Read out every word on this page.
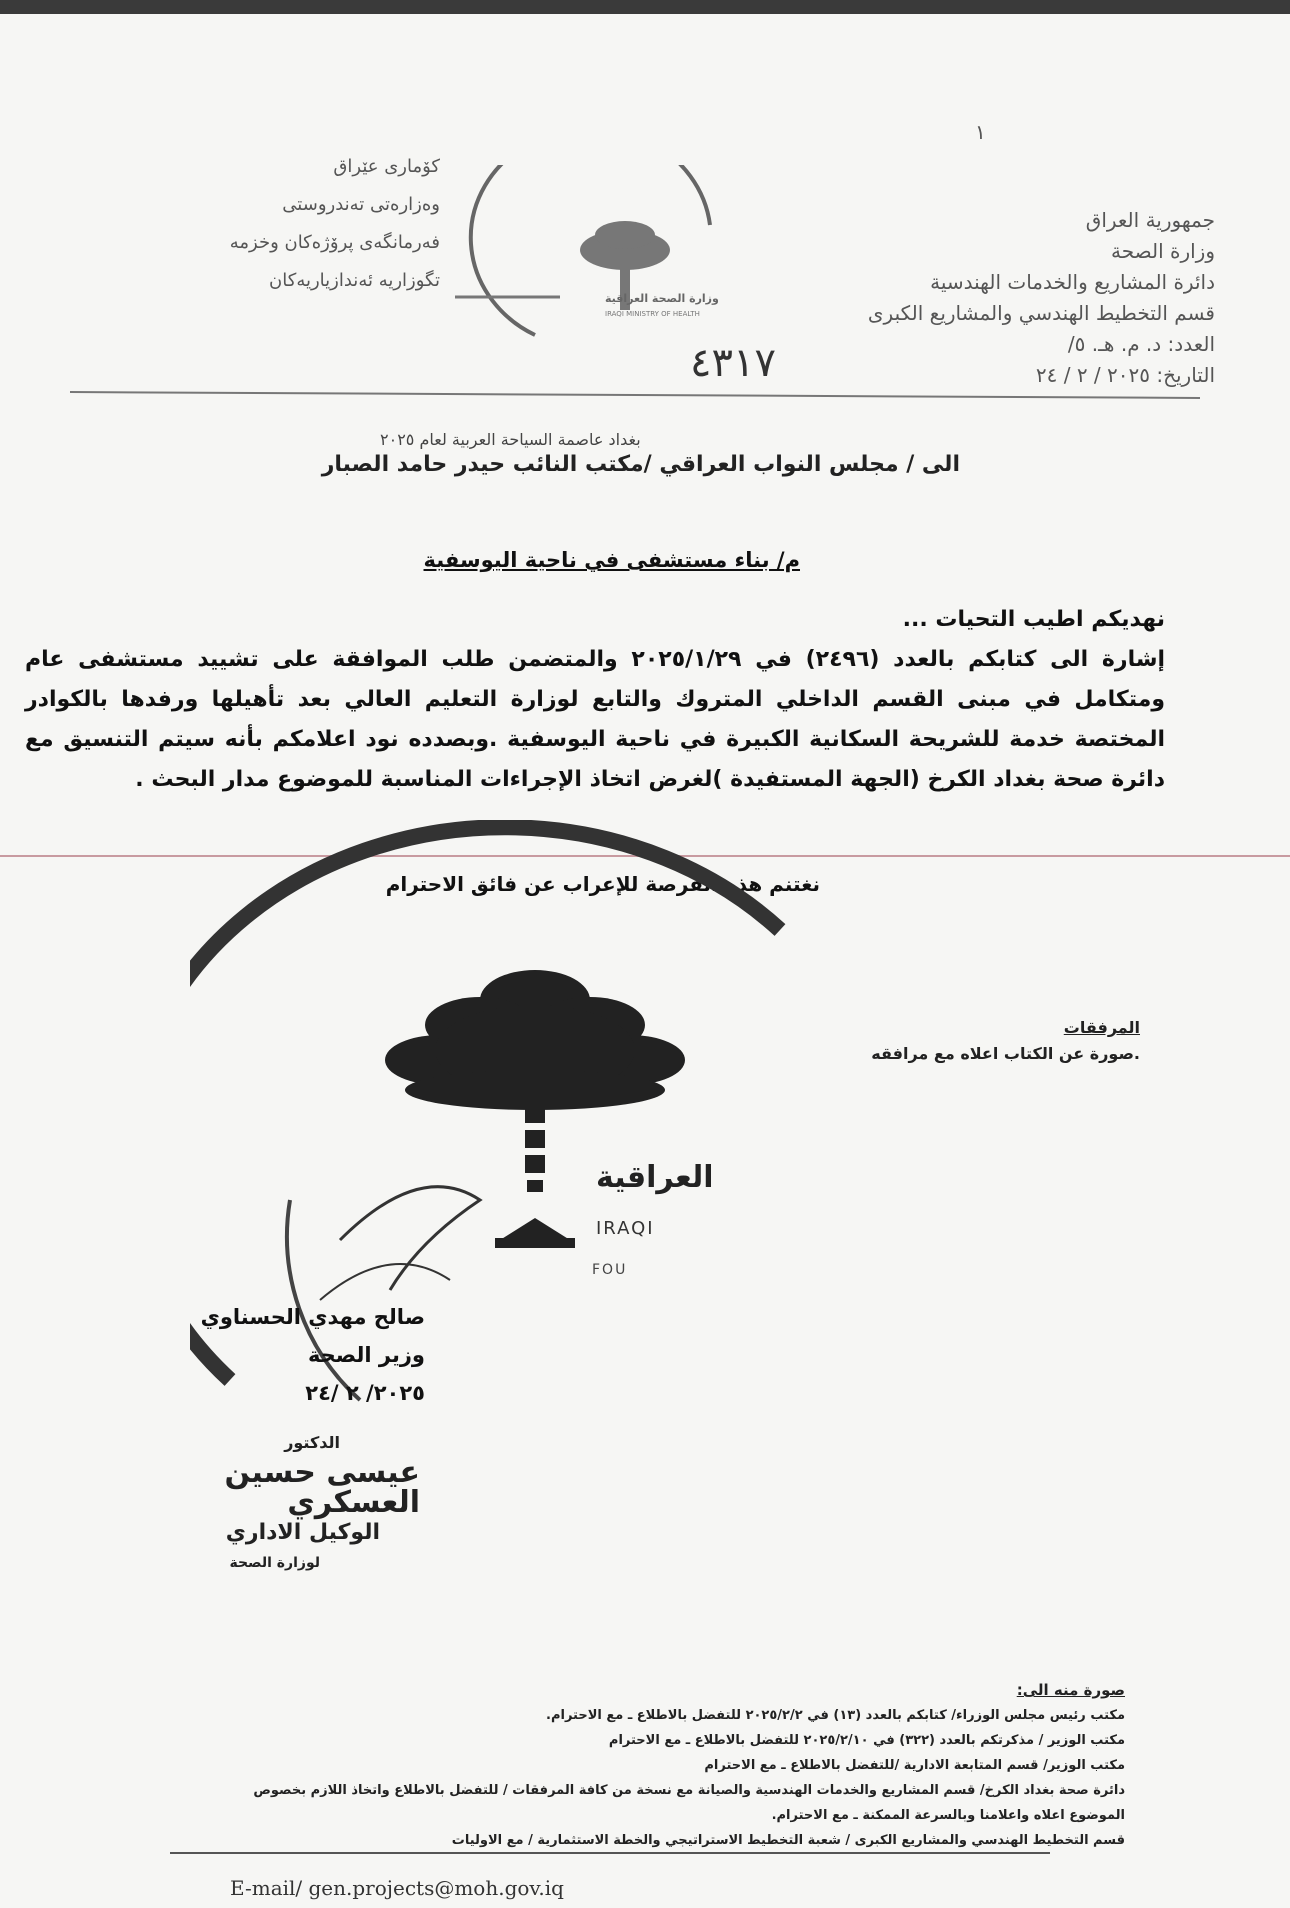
وزارة الصحة العراقية
IRAQI MINISTRY OF HEALTH
١
جمهورية العراق
وزارة الصحة
دائرة المشاريع والخدمات الهندسية
قسم التخطيط الهندسي والمشاريع الكبرى
العدد: د. م. هـ. ٥/
التاريخ: ٢٠٢٥ / ٢ / ٢٤
كۆماری عێراق
وەزارەتی تەندروستی
فەرمانگەی پرۆژەکان وخزمە
تگوزاریە ئەندازیاریەکان
٤٣١٧
بغداد عاصمة السياحة العربية لعام ٢٠٢٥
الى / مجلس النواب العراقي /مكتب النائب حيدر حامد الصبار
م/ بناء مستشفى في ناحية اليوسفية

نهديكم اطيب التحيات ...

إشارة الى كتابكم بالعدد (٢٤٩٦) في ٢٠٢٥/١/٢٩ والمتضمن طلب الموافقة على تشييد مستشفى عام ومتكامل في مبنى القسم الداخلي المتروك والتابع لوزارة التعليم العالي بعد تأهيلها ورفدها بالكوادر المختصة خدمة للشريحة السكانية الكبيرة في ناحية اليوسفية .وبصدده نود اعلامكم بأنه سيتم التنسيق مع دائرة صحة بغداد الكرخ (الجهة المستفيدة )لغرض اتخاذ الإجراءات المناسبة للموضوع مدار البحث .

نغتنم هذه الفرصة للإعراب عن فائق الاحترام
المرفقات
.صورة عن الكتاب اعلاه مع مرافقه
العراقية
IRAQI
FOU
صالح مهدي الحسناوي
وزير الصحة
٢٠٢٥/ ٢ /٢٤
الدكتور
عيسى حسين العسكري
الوكيل الاداري
لوزارة الصحة
صورة منه الى:
مكتب رئيس مجلس الوزراء/ كتابكم بالعدد (١٣) في ٢٠٢٥/٢/٢ للتفضل بالاطلاع ـ مع الاحترام.
مكتب الوزير / مذكرتكم بالعدد (٣٢٢) في ٢٠٢٥/٢/١٠ للتفضل بالاطلاع ـ مع الاحترام
مكتب الوزير/ قسم المتابعة الادارية /للتفضل بالاطلاع ـ مع الاحترام
دائرة صحة بغداد الكرخ/ قسم المشاريع والخدمات الهندسية والصيانة مع نسخة من كافة المرفقات / للتفضل بالاطلاع واتخاذ اللازم بخصوص
الموضوع اعلاه واعلامنا وبالسرعة الممكنة ـ مع الاحترام.
قسم التخطيط الهندسي والمشاريع الكبرى / شعبة التخطيط الاستراتيجي والخطة الاستثمارية / مع الاوليات
E-mail/ gen.projects@moh.gov.iq
